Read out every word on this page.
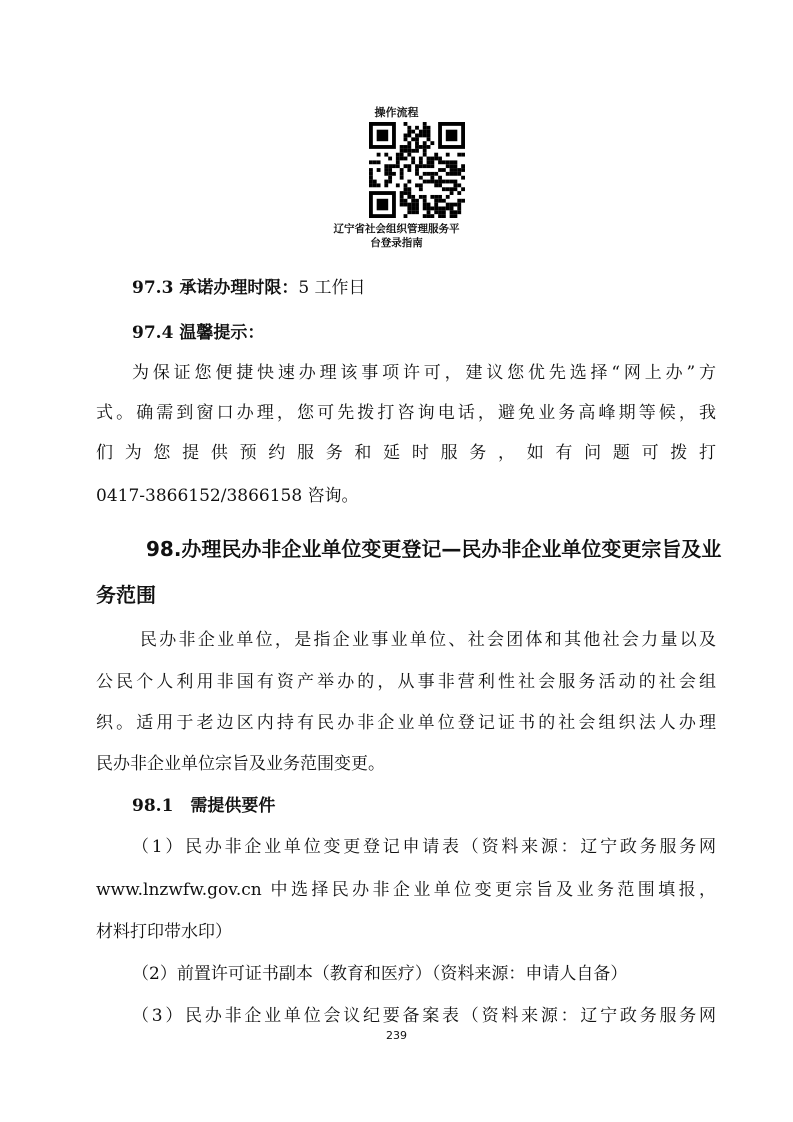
操作流程
辽宁省社会组织管理服务平
台登录指南
97.3 承诺办理时限：5 工作日
97.4 温馨提示：
为保证您便捷快速办理该事项许可，建议您优先选择“网上办”方
式。确需到窗口办理，您可先拨打咨询电话，避免业务高峰期等候，我
们为您提供预约服务和延时服务，如有问题可拨打
0417-3866152/3866158 咨询。
98.办理民办非企业单位变更登记—民办非企业单位变更宗旨及业
务范围
民办非企业单位，是指企业事业单位、社会团体和其他社会力量以及
公民个人利用非国有资产举办的，从事非营利性社会服务活动的社会组
织。适用于老边区内持有民办非企业单位登记证书的社会组织法人办理
民办非企业单位宗旨及业务范围变更。
98.1　需提供要件
（1）民办非企业单位变更登记申请表（资料来源：辽宁政务服务网
www.lnzwfw.gov.cn 中选择民办非企业单位变更宗旨及业务范围填报，
材料打印带水印）
（2）前置许可证书副本（教育和医疗）（资料来源：申请人自备）
（3）民办非企业单位会议纪要备案表（资料来源：辽宁政务服务网
239
